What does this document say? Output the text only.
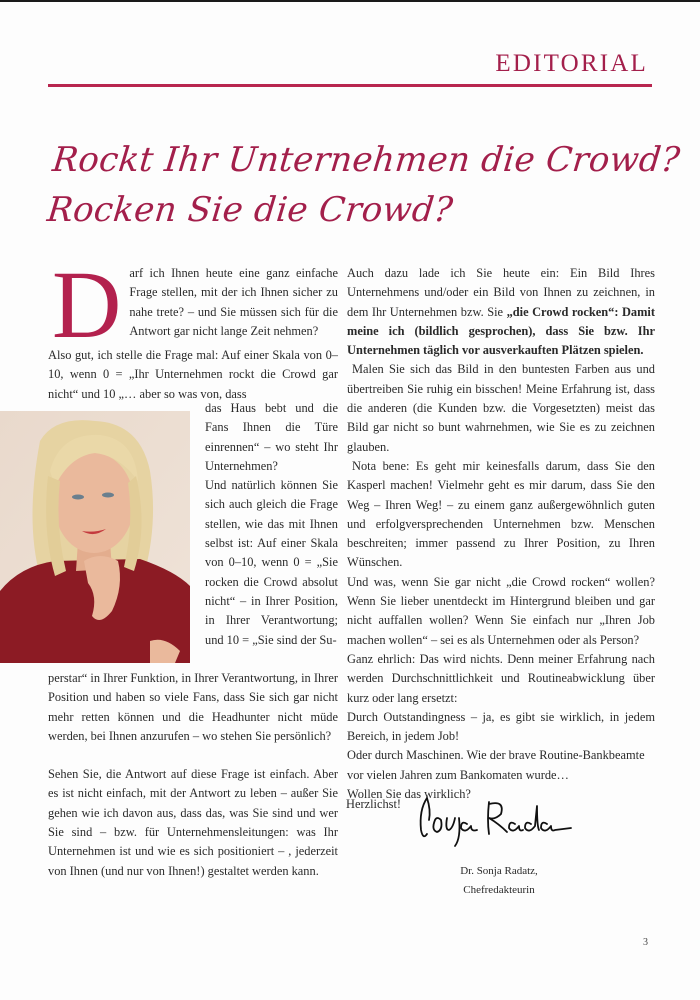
EDITORIAL
Rockt Ihr Unternehmen die Crowd?
Rocken Sie die Crowd?
D arf ich Ihnen heute eine ganz einfache Frage stellen, mit der ich Ihnen sicher zu nahe trete? – und Sie müssen sich für die Antwort gar nicht lange Zeit nehmen?

Also gut, ich stelle die Frage mal: Auf einer Skala von 0–10, wenn 0 = „Ihr Unternehmen rockt die Crowd gar nicht“ und 10 „… aber so was von, dass

das Haus bebt und die Fans Ihnen die Türe einrennen“ – wo steht Ihr Unternehmen?

Und natürlich können Sie sich auch gleich die Frage stellen, wie das mit Ihnen selbst ist: Auf einer Skala von 0–10, wenn 0 = „Sie rocken die Crowd absolut nicht“ – in Ihrer Position, in Ihrer Verantwortung; und 10 = „Sie sind der Su-

perstar“ in Ihrer Funktion, in Ihrer Verantwortung, in Ihrer Position und haben so viele Fans, dass Sie sich gar nicht mehr retten können und die Headhunter nicht müde werden, bei Ihnen anzurufen – wo stehen Sie persönlich?

Sehen Sie, die Antwort auf diese Frage ist einfach. Aber es ist nicht einfach, mit der Antwort zu leben – außer Sie gehen wie ich davon aus, dass das, was Sie sind und wer Sie sind – bzw. für Unternehmensleitungen: was Ihr Unternehmen ist und wie es sich positioniert – , jederzeit von Ihnen (und nur von Ihnen!) gestaltet werden kann.

Auch dazu lade ich Sie heute ein: Ein Bild Ihres Unternehmens und/oder ein Bild von Ihnen zu zeichnen, in dem Ihr Unternehmen bzw. Sie „die Crowd rocken“: Damit meine ich (bildlich gesprochen), dass Sie bzw. Ihr Unternehmen täglich vor ausverkauften Plätzen spielen.

Malen Sie sich das Bild in den buntesten Farben aus und übertreiben Sie ruhig ein bisschen! Meine Erfahrung ist, dass die anderen (die Kunden bzw. die Vorgesetzten) meist das Bild gar nicht so bunt wahrnehmen, wie Sie es zu zeichnen glauben.

Nota bene: Es geht mir keinesfalls darum, dass Sie den Kasperl machen! Vielmehr geht es mir darum, dass Sie den Weg – Ihren Weg! – zu einem ganz außergewöhnlich guten und erfolgversprechenden Unternehmen bzw. Menschen beschreiten; immer passend zu Ihrer Position, zu Ihren Wünschen.

Und was, wenn Sie gar nicht „die Crowd rocken“ wollen? Wenn Sie lieber unentdeckt im Hintergrund bleiben und gar nicht auffallen wollen? Wenn Sie einfach nur „Ihren Job machen wollen“ – sei es als Unternehmen oder als Person?

Ganz ehrlich: Das wird nichts. Denn meiner Erfahrung nach werden Durchschnittlichkeit und Routineabwicklung über kurz oder lang ersetzt:

Durch Outstandingness – ja, es gibt sie wirklich, in jedem Bereich, in jedem Job!

Oder durch Maschinen. Wie der brave Routine-Bankbeamte vor vielen Jahren zum Bankomaten wurde…

Wollen Sie das wirklich?

Herzlichst!
Dr. Sonja Radatz,
Chefredakteurin
3
